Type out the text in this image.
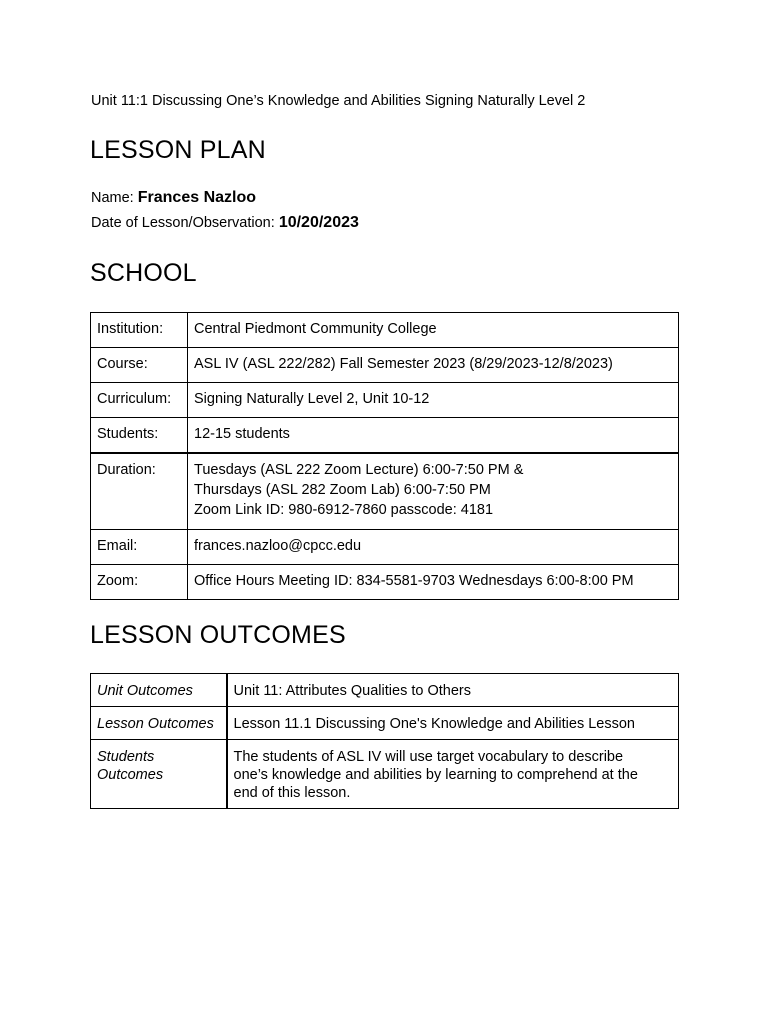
Unit 11:1 Discussing One’s Knowledge and Abilities Signing Naturally Level 2
LESSON PLAN
Name: Frances Nazloo
Date of Lesson/Observation: 10/20/2023
SCHOOL
Institution:	Central Piedmont Community College
Course:	ASL IV (ASL 222/282) Fall Semester 2023 (8/29/2023-12/8/2023)
Curriculum:	Signing Naturally Level 2, Unit 10-12
Students:	12-15 students
Duration:	Tuesdays (ASL 222 Zoom Lecture) 6:00-7:50 PM &
Thursdays (ASL 282 Zoom Lab) 6:00-7:50 PM
Zoom Link ID: 980-6912-7860 passcode: 4181

Email:	frances.nazloo@cpcc.edu
Zoom:	Office Hours Meeting ID: 834-5581-9703 Wednesdays 6:00-8:00 PM
LESSON OUTCOMES
Unit Outcomes	Unit 11: Attributes Qualities to Others
Lesson Outcomes	Lesson 11.1 Discussing One's Knowledge and Abilities Lesson
Students Outcomes	The students of ASL IV will use target vocabulary to describe
one’s knowledge and abilities by learning to comprehend at the
end of this lesson.
